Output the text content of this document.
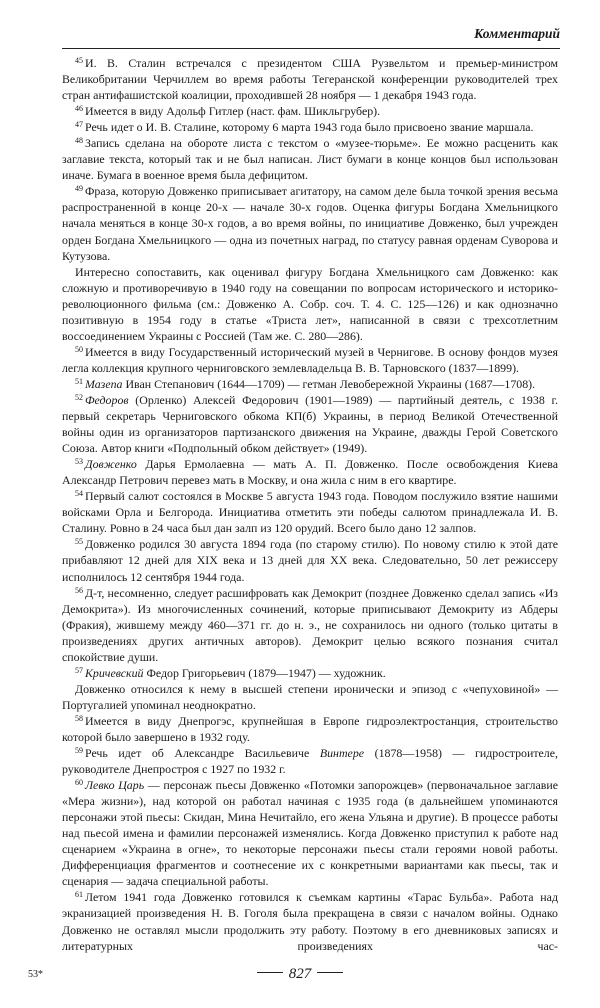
Комментарий

$^{45}$ И. В. Сталин встречался с президентом США Рузвельтом и премьер-министром Великобритании Черчиллем во время работы Тегеранской конференции руководителей трех стран антифашистской коалиции, проходившей 28 ноября — 1 декабря 1943 года.

$^{46}$ Имеется в виду Адольф Гитлер (наст. фам. Шикльгрубер).

$^{47}$ Речь идет о И. В. Сталине, которому 6 марта 1943 года было присвоено звание маршала.

$^{48}$ Запись сделана на обороте листа с текстом о «музее-тюрьме». Ее можно расценить как заглавие текста, который так и не был написан. Лист бумаги в конце концов был использован иначе. Бумага в военное время была дефицитом.

$^{49}$ Фраза, которую Довженко приписывает агитатору, на самом деле была точкой зрения весьма распространенной в конце 20-х — начале 30-х годов. Оценка фигуры Богдана Хмельницкого начала меняться в конце 30-х годов, а во время войны, по инициативе Довженко, был учрежден орден Богдана Хмельницкого — одна из почетных наград, по статусу равная орденам Суворова и Кутузова.

Интересно сопоставить, как оценивал фигуру Богдана Хмельницкого сам Довженко: как сложную и противоречивую в 1940 году на совещании по вопросам исторического и историко-революционного фильма (см.: Довженко А. Собр. соч. Т. 4. С. 125—126) и как однозначно позитивную в 1954 году в статье «Триста лет», написанной в связи с трехсотлетним воссоединением Украины с Россией (Там же. С. 280—286).

$^{50}$ Имеется в виду Государственный исторический музей в Чернигове. В основу фондов музея легла коллекция крупного черниговского землевладельца В. В. Тарновского (1837—1899).

$^{51}$ Мазепа Иван Степанович (1644—1709) — гетман Левобережной Украины (1687—1708).

$^{52}$ Федоров (Орленко) Алексей Федорович (1901—1989) — партийный деятель, с 1938 г. первый секретарь Черниговского обкома КП(б) Украины, в период Великой Отечественной войны один из организаторов партизанского движения на Украине, дважды Герой Советского Союза. Автор книги «Подпольный обком действует» (1949).

$^{53}$ Довженко Дарья Ермолаевна — мать А. П. Довженко. После освобождения Киева Александр Петрович перевез мать в Москву, и она жила с ним в его квартире.

$^{54}$ Первый салют состоялся в Москве 5 августа 1943 года. Поводом послужило взятие нашими войсками Орла и Белгорода. Инициатива отметить эти победы салютом принадлежала И. В. Сталину. Ровно в 24 часа был дан залп из 120 орудий. Всего было дано 12 залпов.

$^{55}$ Довженко родился 30 августа 1894 года (по старому стилю). По новому стилю к этой дате прибавляют 12 дней для XIX века и 13 дней для XX века. Следовательно, 50 лет режиссеру исполнилось 12 сентября 1944 года.

$^{56}$ Д-т, несомненно, следует расшифровать как Демокрит (позднее Довженко сделал запись «Из Демокрита»). Из многочисленных сочинений, которые приписывают Демокриту из Абдеры (Фракия), жившему между 460—371 гг. до н. э., не сохранилось ни одного (только цитаты в произведениях других античных авторов). Демокрит целью всякого познания считал спокойствие души.

$^{57}$ Кричевский Федор Григорьевич (1879—1947) — художник.

Довженко относился к нему в высшей степени иронически и эпизод с «чепуховиной» — Португалией упоминал неоднократно.

$^{58}$ Имеется в виду Днепрогэс, крупнейшая в Европе гидроэлектростанция, строительство которой было завершено в 1932 году.

$^{59}$ Речь идет об Александре Васильевиче Винтере (1878—1958) — гидростроителе, руководителе Днепростроя с 1927 по 1932 г.

$^{60}$ Левко Царь — персонаж пьесы Довженко «Потомки запорожцев» (первоначальное заглавие «Мера жизни»), над которой он работал начиная с 1935 года (в дальнейшем упоминаются персонажи этой пьесы: Скидан, Мина Нечитайло, его жена Ульяна и другие). В процессе работы над пьесой имена и фамилии персонажей изменялись. Когда Довженко приступил к работе над сценарием «Украина в огне», то некоторые персонажи пьесы стали героями новой работы. Дифференциация фрагментов и соотнесение их с конкретными вариантами как пьесы, так и сценария — задача специальной работы.

$^{61}$ Летом 1941 года Довженко готовился к съемкам картины «Тарас Бульба». Работа над экранизацией произведения Н. В. Гоголя была прекращена в связи с началом войны. Однако Довженко не оставлял мысли продолжить эту работу. Поэтому в его дневниковых записях и литературных произведениях час-

827
53*
